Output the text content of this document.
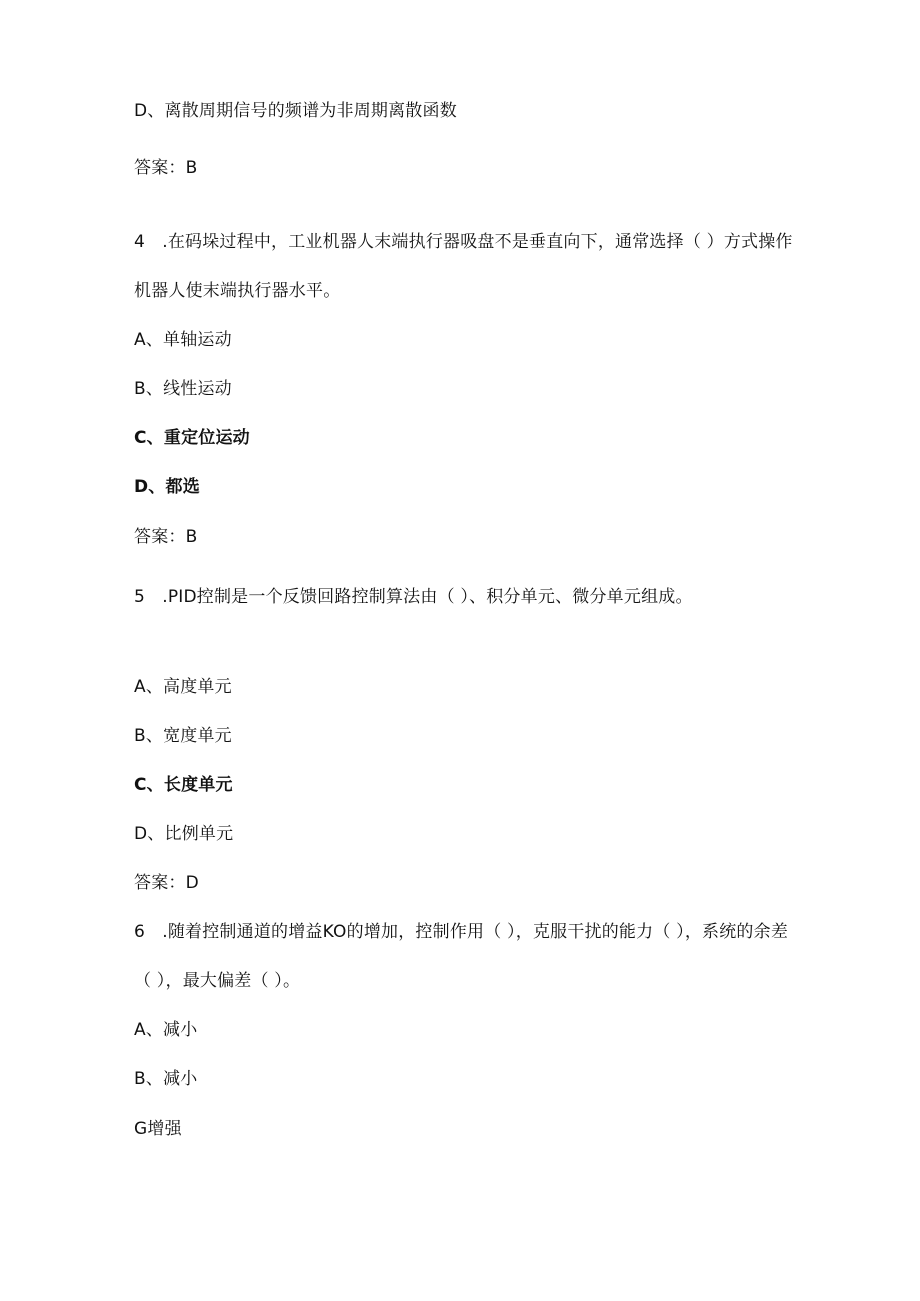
D、离散周期信号的频谱为非周期离散函数
答案：B
4　.在码垛过程中，工业机器人末端执行器吸盘不是垂直向下，通常选择（ ）方式操作
机器人使末端执行器水平。
A、单轴运动
B、线性运动
C、重定位运动
D、都选
答案：B
5　.PID控制是一个反馈回路控制算法由（ ）、积分单元、微分单元组成。
A、高度单元
B、宽度单元
C、长度单元
D、比例单元
答案：D
6　.随着控制通道的增益KO的增加，控制作用（ ），克服干扰的能力（ ），系统的余差
（ ），最大偏差（ ）。
A、减小
B、减小
G增强
